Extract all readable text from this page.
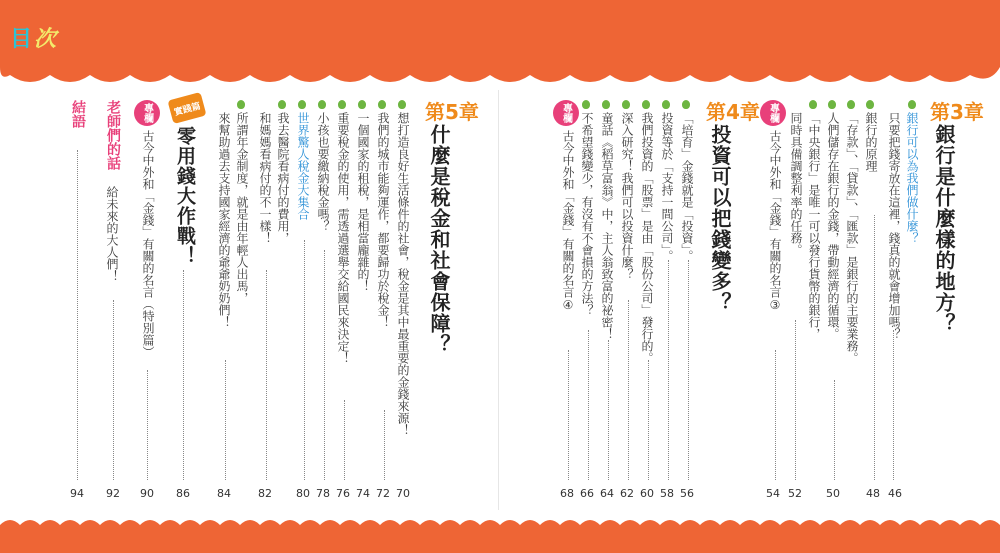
目 次
第3章
銀行是什麼樣的地方？
銀行可以為我們做什麼？
只要把錢寄放在這裡，錢真的就會增加嗎？
銀行的原理
「存款」、「貸款」、「匯款」是銀行的主要業務。
人們儲存在銀行的金錢，帶動經濟的循環。
「中央銀行」是唯一可以發行貨幣的銀行，
同時具備調整利率的任務。
專欄
古今中外和「金錢」有關的名言③
46
48
50
52
54
第4章
投資可以把錢變多？
「培育」金錢就是「投資」。
投資等於「支持一間公司」。
我們投資的「股票」是由「股份公司」發行的。
深入研究！我們可以投資什麼？
童話《稻草富翁》中，主人翁致富的祕密！
不希望錢變少，有沒有不會損的方法？
專欄
古今中外和「金錢」有關的名言④
56
58
60
62
64
66
68
第5章
什麼是稅金和社會保障？
想打造良好生活條件的社會，稅金是其中最重要的金錢來源！
我們的城市能夠運作，都要歸功於稅金！
一個國家的租稅，是相當龐雜的！
重要稅金的使用，需透過選舉交給國民來決定！
小孩也要繳納稅金嗎？
世界驚人稅金大集合
我去醫院看病付的費用，
和媽媽看病付的不一樣！
所謂年金制度，就是由年輕人出馬，
來幫助過去支持國家經濟的爺爺奶奶們！
70
72
74
76
78
80
82
84
實踐篇
零用錢大作戰！
86
專欄
古今中外和「金錢」有關的名言（特別篇）
90
老師們的話
給未來的大人們！
92
結語
94
